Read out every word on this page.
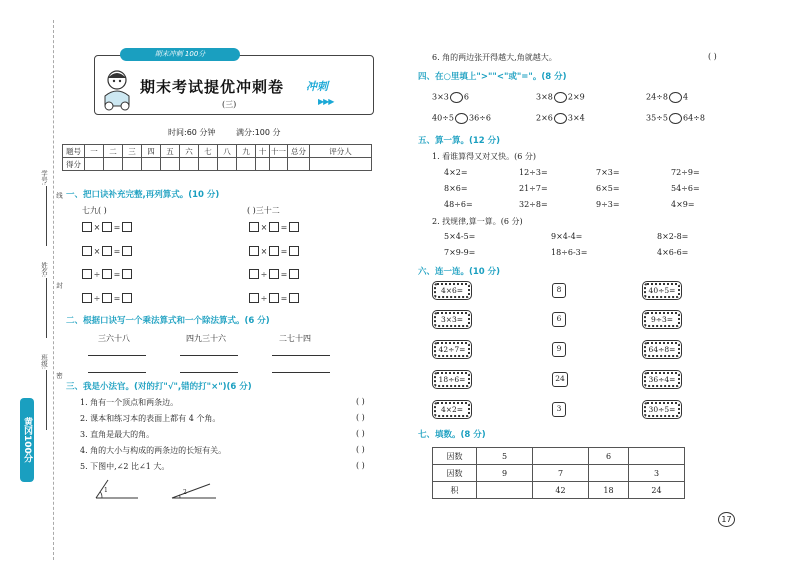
学号:
姓名:
班级:
线
封
密
黄冈100分
期末冲刺 100分
期末考试提优冲刺卷
(三)
冲刺
▶▶▶
时间:60 分钟	满分:100 分
题号	一	二	三	四	五	六	七	八	九	十	十一	总分	评分人
得分													
一、把口诀补充完整,再列算式。(10 分)
七九( )	( )三十二
× =
× =
÷ =
÷ =
× =
× =
÷ =
÷ =
二、根据口诀写一个乘法算式和一个除法算式。(6 分)
三六十八	四九三十六	二七十四
三、我是小法官。(对的打"√",错的打"×")(6 分)
1. 角有一个顶点和两条边。	( )
2. 课本和练习本的表面上都有 4 个角。	( )
3. 直角是最大的角。	( )
4. 角的大小与构成的两条边的长短有关。	( )
5. 下图中,∠2 比∠1 大。	( )
1	2
6. 角的两边张开得越大,角就越大。	( )
四、在○里填上">""<"或"="。(8 分)
3×3 6	3×8 2×9	24÷8 4
40÷5 36÷6	2×6 3×4	35÷5 64÷8
五、算一算。(12 分)
1. 看谁算得又对又快。(6 分)
4×2=	12÷3=	7×3=	72÷9=
8×6=	21÷7=	6×5=	54÷6=
48÷6=	32÷8=	9÷3=	4×9=
2. 找规律,算一算。(6 分)
5×4-5=	9×4-4=	8×2-8=
7×9-9=	18÷6-3=	4×6-6=
六、连一连。(10 分)
4×6=
3×3=
42÷7=
18÷6=
4×2=
8
6
9
24
3
40÷5=
9÷3=
64÷8=
36÷4=
30÷5=
七、填数。(8 分)
因数	5		6	
因数	9	7		3
积		42	18	24
17
